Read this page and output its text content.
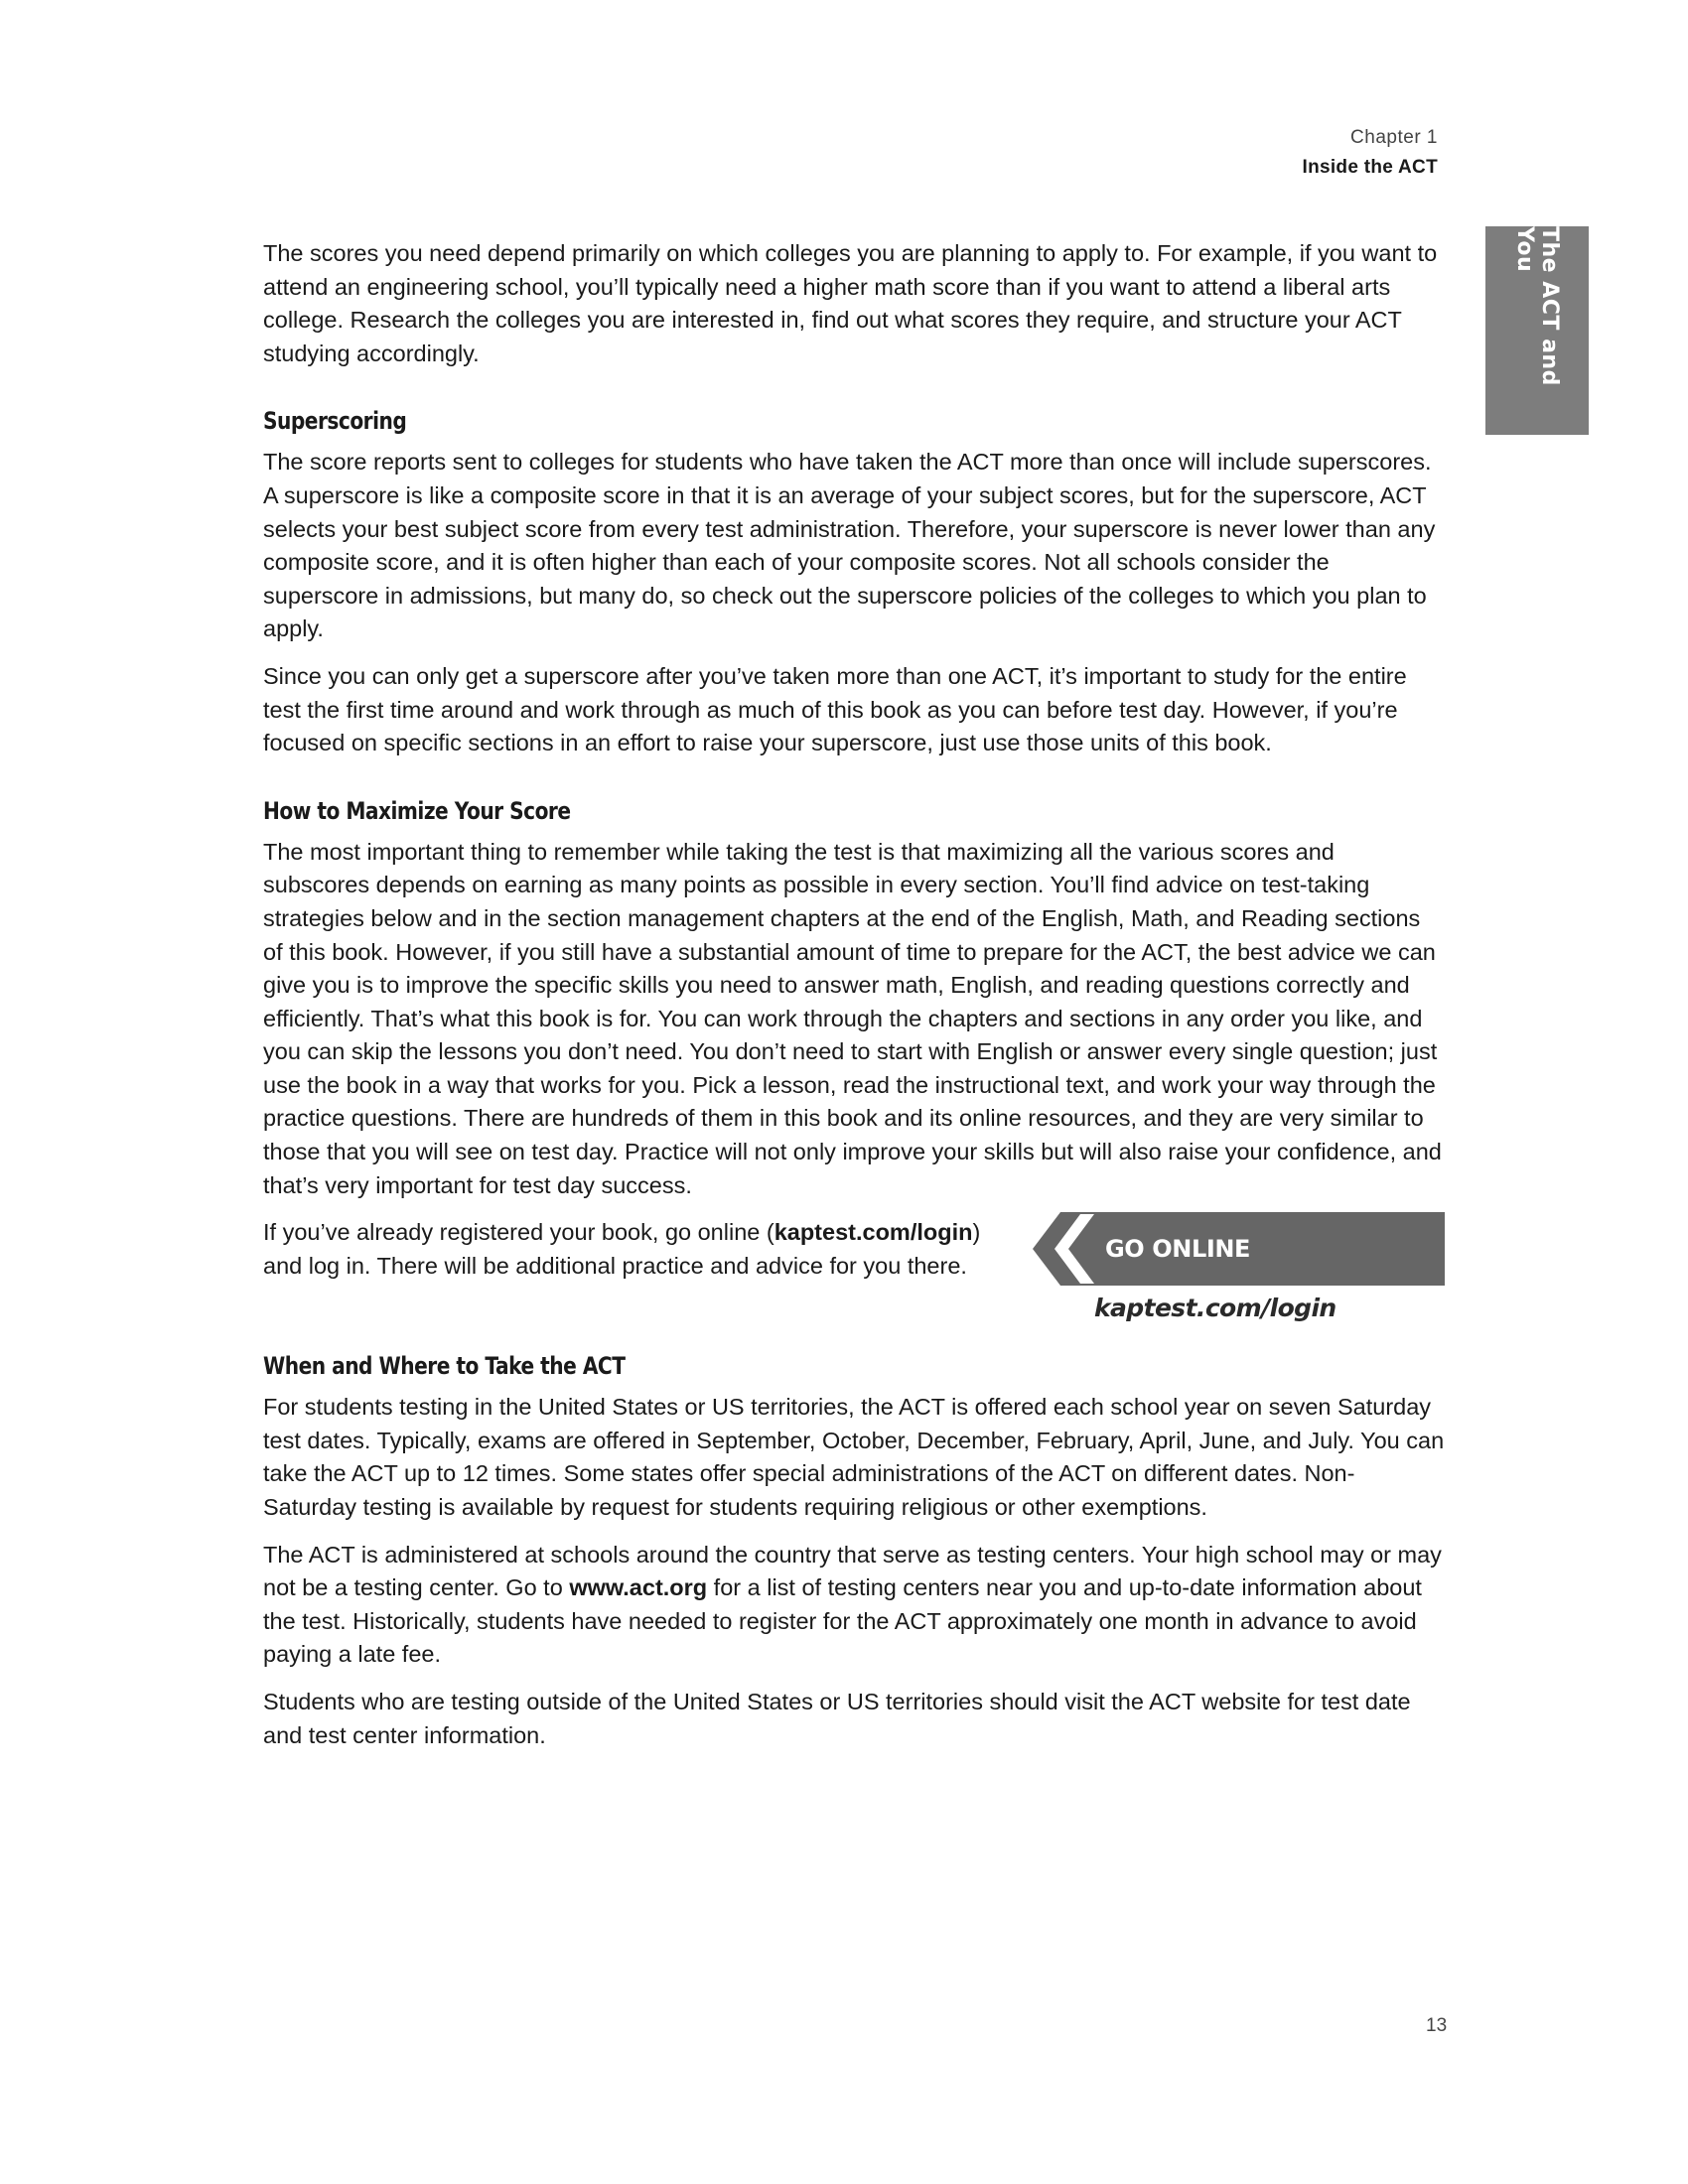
Chapter 1
Inside the ACT
The ACT and You

The scores you need depend primarily on which colleges you are planning to apply to. For example, if you want to attend an engineering school, you’ll typically need a higher math score than if you want to attend a liberal arts college. Research the colleges you are interested in, find out what scores they require, and structure your ACT studying accordingly.

Superscoring

The score reports sent to colleges for students who have taken the ACT more than once will include superscores. A superscore is like a composite score in that it is an average of your subject scores, but for the superscore, ACT selects your best subject score from every test administration. Therefore, your superscore is never lower than any composite score, and it is often higher than each of your composite scores. Not all schools consider the superscore in admissions, but many do, so check out the superscore policies of the colleges to which you plan to apply.

Since you can only get a superscore after you’ve taken more than one ACT, it’s important to study for the entire test the first time around and work through as much of this book as you can before test day. However, if you’re focused on specific sections in an effort to raise your superscore, just use those units of this book.

How to Maximize Your Score

The most important thing to remember while taking the test is that maximizing all the various scores and subscores depends on earning as many points as possible in every section. You’ll find advice on test-taking strategies below and in the section management chapters at the end of the English, Math, and Reading sections of this book. However, if you still have a substantial amount of time to prepare for the ACT, the best advice we can give you is to improve the specific skills you need to answer math, English, and reading questions correctly and efficiently. That’s what this book is for. You can work through the chapters and sections in any order you like, and you can skip the lessons you don’t need. You don’t need to start with English or answer every single question; just use the book in a way that works for you. Pick a lesson, read the instructional text, and work your way through the practice questions. There are hundreds of them in this book and its online resources, and they are very similar to those that you will see on test day. Practice will not only improve your skills but will also raise your confidence, and that’s very important for test day success.

If you’ve already registered your book, go online (kaptest.com/login) and log in. There will be additional practice and advice for you there.

GO ONLINE
kaptest.com/login
When and Where to Take the ACT

For students testing in the United States or US territories, the ACT is offered each school year on seven Saturday test dates. Typically, exams are offered in September, October, December, February, April, June, and July. You can take the ACT up to 12 times. Some states offer special administrations of the ACT on different dates. Non-Saturday testing is available by request for students requiring religious or other exemptions.

The ACT is administered at schools around the country that serve as testing centers. Your high school may or may not be a testing center. Go to www.act.org for a list of testing centers near you and up-to-date information about the test. Historically, students have needed to register for the ACT approximately one month in advance to avoid paying a late fee.

Students who are testing outside of the United States or US territories should visit the ACT website for test date and test center information.

13
